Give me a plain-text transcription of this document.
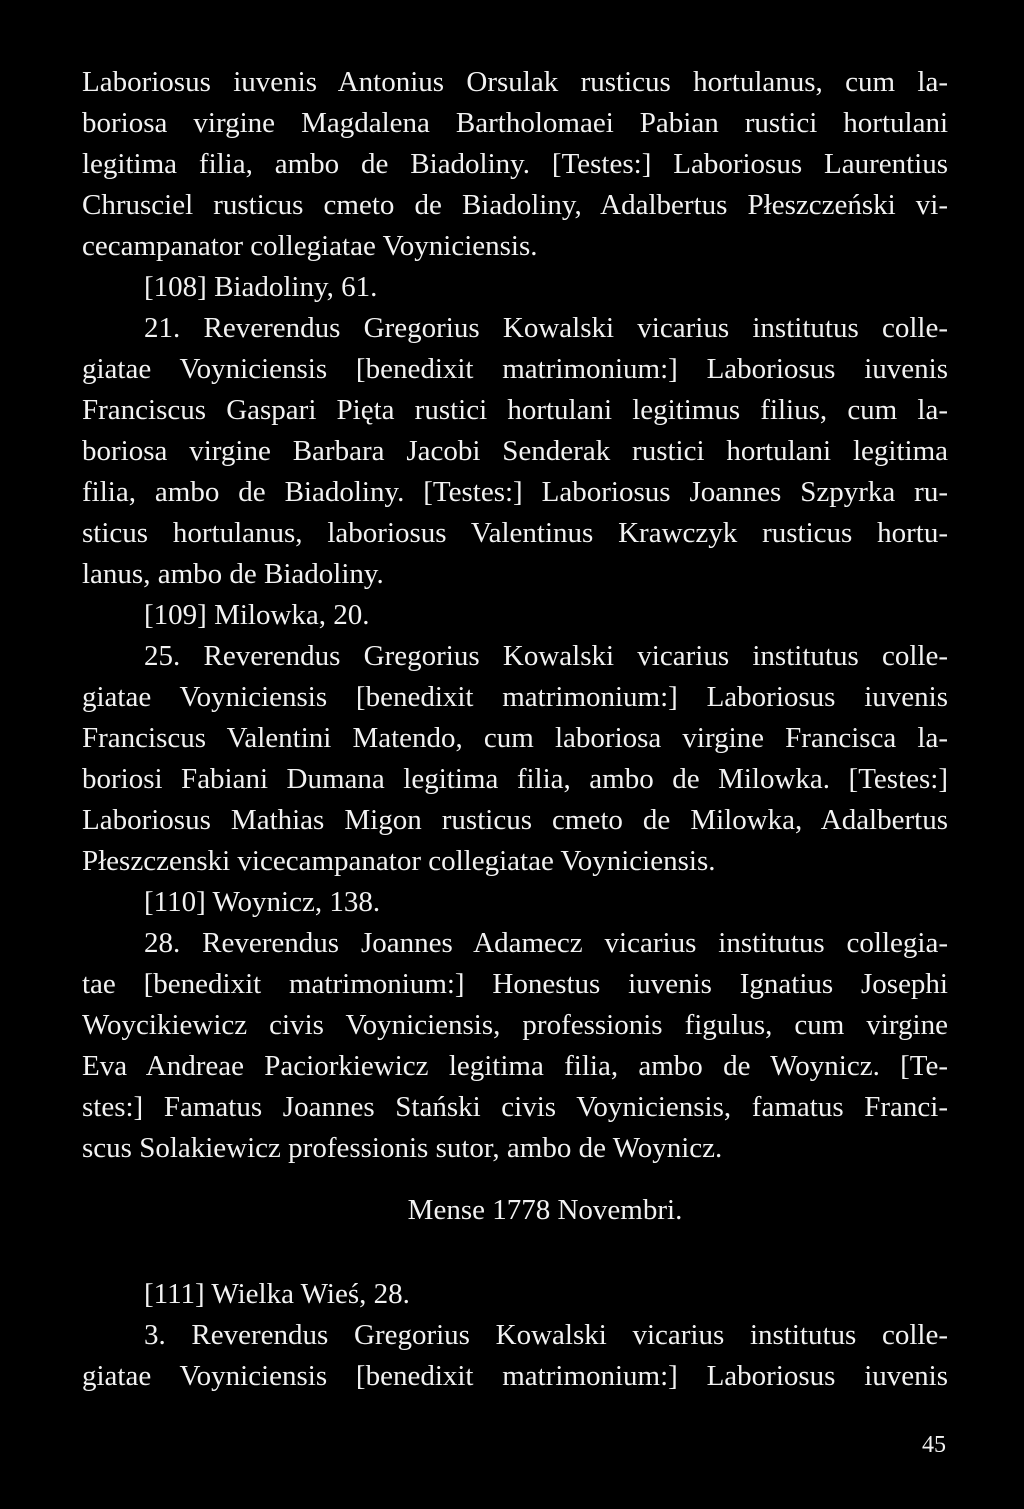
Laboriosus iuvenis Antonius Orsulak rusticus hortulanus, cum la-
boriosa virgine Magdalena Bartholomaei Pabian rustici hortulani
legitima filia, ambo de Biadoliny. [Testes:] Laboriosus Laurentius
Chrusciel rusticus cmeto de Biadoliny, Adalbertus Płeszczeński vi-
cecampanator collegiatae Voyniciensis.
[108] Biadoliny, 61.
21. Reverendus Gregorius Kowalski vicarius institutus colle-
giatae Voyniciensis [benedixit matrimonium:] Laboriosus iuvenis
Franciscus Gaspari Pięta rustici hortulani legitimus filius, cum la-
boriosa virgine Barbara Jacobi Senderak rustici hortulani legitima
filia, ambo de Biadoliny. [Testes:] Laboriosus Joannes Szpyrka ru-
sticus hortulanus, laboriosus Valentinus Krawczyk rusticus hortu-
lanus, ambo de Biadoliny.
[109] Milowka, 20.
25. Reverendus Gregorius Kowalski vicarius institutus colle-
giatae Voyniciensis [benedixit matrimonium:] Laboriosus iuvenis
Franciscus Valentini Matendo, cum laboriosa virgine Francisca la-
boriosi Fabiani Dumana legitima filia, ambo de Milowka. [Testes:]
Laboriosus Mathias Migon rusticus cmeto de Milowka, Adalbertus
Płeszczenski vicecampanator collegiatae Voyniciensis.
[110] Woynicz, 138.
28. Reverendus Joannes Adamecz vicarius institutus collegia-
tae [benedixit matrimonium:] Honestus iuvenis Ignatius Josephi
Woycikiewicz civis Voyniciensis, professionis figulus, cum virgine
Eva Andreae Paciorkiewicz legitima filia, ambo de Woynicz. [Te-
stes:] Famatus Joannes Stański civis Voyniciensis, famatus Franci-
scus Solakiewicz professionis sutor, ambo de Woynicz.
Mense 1778 Novembri.
[111] Wielka Wieś, 28.
3. Reverendus Gregorius Kowalski vicarius institutus colle-
giatae Voyniciensis [benedixit matrimonium:] Laboriosus iuvenis
45
